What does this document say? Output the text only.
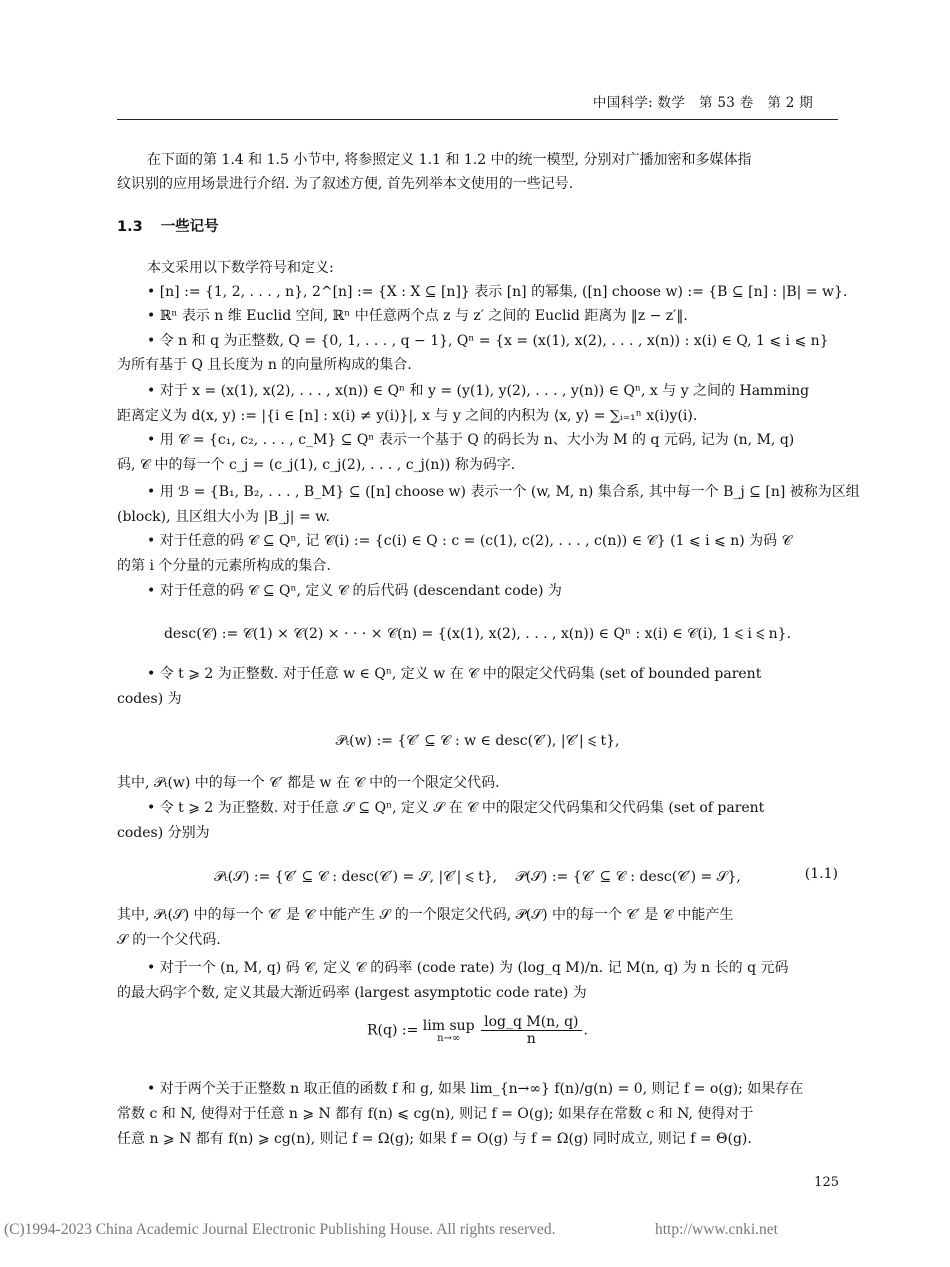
中国科学: 数学　第 53 卷　第 2 期
在下面的第 1.4 和 1.5 小节中, 将参照定义 1.1 和 1.2 中的统一模型, 分别对广播加密和多媒体指
纹识别的应用场景进行介绍. 为了叙述方便, 首先列举本文使用的一些记号.
1.3 一些记号
本文采用以下数学符号和定义:
• [n] := {1, 2, . . . , n}, 2^[n] := {X : X ⊆ [n]} 表示 [n] 的幂集, ([n] choose w) := {B ⊆ [n] : |B| = w}.
• ℝⁿ 表示 n 维 Euclid 空间, ℝⁿ 中任意两个点 z 与 z′ 之间的 Euclid 距离为 ‖z − z′‖.
• 令 n 和 q 为正整数, Q = {0, 1, . . . , q − 1}, Qⁿ = {x = (x(1), x(2), . . . , x(n)) : x(i) ∈ Q, 1 ⩽ i ⩽ n}
为所有基于 Q 且长度为 n 的向量所构成的集合.
• 对于 x = (x(1), x(2), . . . , x(n)) ∈ Qⁿ 和 y = (y(1), y(2), . . . , y(n)) ∈ Qⁿ, x 与 y 之间的 Hamming
距离定义为 d(x, y) := |{i ∈ [n] : x(i) ≠ y(i)}|, x 与 y 之间的内积为 ⟨x, y⟩ = ∑ᵢ₌₁ⁿ x(i)y(i).
• 用 𝒞 = {c₁, c₂, . . . , c_M} ⊆ Qⁿ 表示一个基于 Q 的码长为 n、大小为 M 的 q 元码, 记为 (n, M, q)
码, 𝒞 中的每一个 c_j = (c_j(1), c_j(2), . . . , c_j(n)) 称为码字.
• 用 ℬ = {B₁, B₂, . . . , B_M} ⊆ ([n] choose w) 表示一个 (w, M, n) 集合系, 其中每一个 B_j ⊆ [n] 被称为区组
(block), 且区组大小为 |B_j| = w.
• 对于任意的码 𝒞 ⊆ Qⁿ, 记 𝒞(i) := {c(i) ∈ Q : c = (c(1), c(2), . . . , c(n)) ∈ 𝒞} (1 ⩽ i ⩽ n) 为码 𝒞
的第 i 个分量的元素所构成的集合.
• 对于任意的码 𝒞 ⊆ Qⁿ, 定义 𝒞 的后代码 (descendant code) 为
desc(𝒞) := 𝒞(1) × 𝒞(2) × · · · × 𝒞(n) = {(x(1), x(2), . . . , x(n)) ∈ Qⁿ : x(i) ∈ 𝒞(i), 1 ⩽ i ⩽ n}.
• 令 t ⩾ 2 为正整数. 对于任意 w ∈ Qⁿ, 定义 w 在 𝒞 中的限定父代码集 (set of bounded parent
codes) 为
𝒫ₜ(w) := {𝒞′ ⊆ 𝒞 : w ∈ desc(𝒞′), |𝒞′| ⩽ t},
其中, 𝒫ₜ(w) 中的每一个 𝒞′ 都是 w 在 𝒞 中的一个限定父代码.
• 令 t ⩾ 2 为正整数. 对于任意 𝒮 ⊆ Qⁿ, 定义 𝒮 在 𝒞 中的限定父代码集和父代码集 (set of parent
codes) 分别为
𝒫ₜ(𝒮) := {𝒞′ ⊆ 𝒞 : desc(𝒞′) = 𝒮, |𝒞′| ⩽ t},　 𝒫(𝒮) := {𝒞′ ⊆ 𝒞 : desc(𝒞′) = 𝒮},	(1.1)
其中, 𝒫ₜ(𝒮) 中的每一个 𝒞′ 是 𝒞 中能产生 𝒮 的一个限定父代码, 𝒫(𝒮) 中的每一个 𝒞′ 是 𝒞 中能产生
𝒮 的一个父代码.
• 对于一个 (n, M, q) 码 𝒞, 定义 𝒞 的码率 (code rate) 为 (log_q M)/n. 记 M(n, q) 为 n 长的 q 元码
的最大码字个数, 定义其最大渐近码率 (largest asymptotic code rate) 为
R(q) := lim sup
n→∞
	$\frac{\text{log\_q M(n, q)}}{n}$ .
• 对于两个关于正整数 n 取正值的函数 f 和 g, 如果 lim_{n→∞} f(n)/g(n) = 0, 则记 f = o(g); 如果存在
常数 c 和 N, 使得对于任意 n ⩾ N 都有 f(n) ⩽ cg(n), 则记 f = O(g); 如果存在常数 c 和 N, 使得对于
任意 n ⩾ N 都有 f(n) ⩾ cg(n), 则记 f = Ω(g); 如果 f = O(g) 与 f = Ω(g) 同时成立, 则记 f = Θ(g).
125
(C)1994-2023 China Academic Journal Electronic Publishing House. All rights reserved.	http://www.cnki.net
